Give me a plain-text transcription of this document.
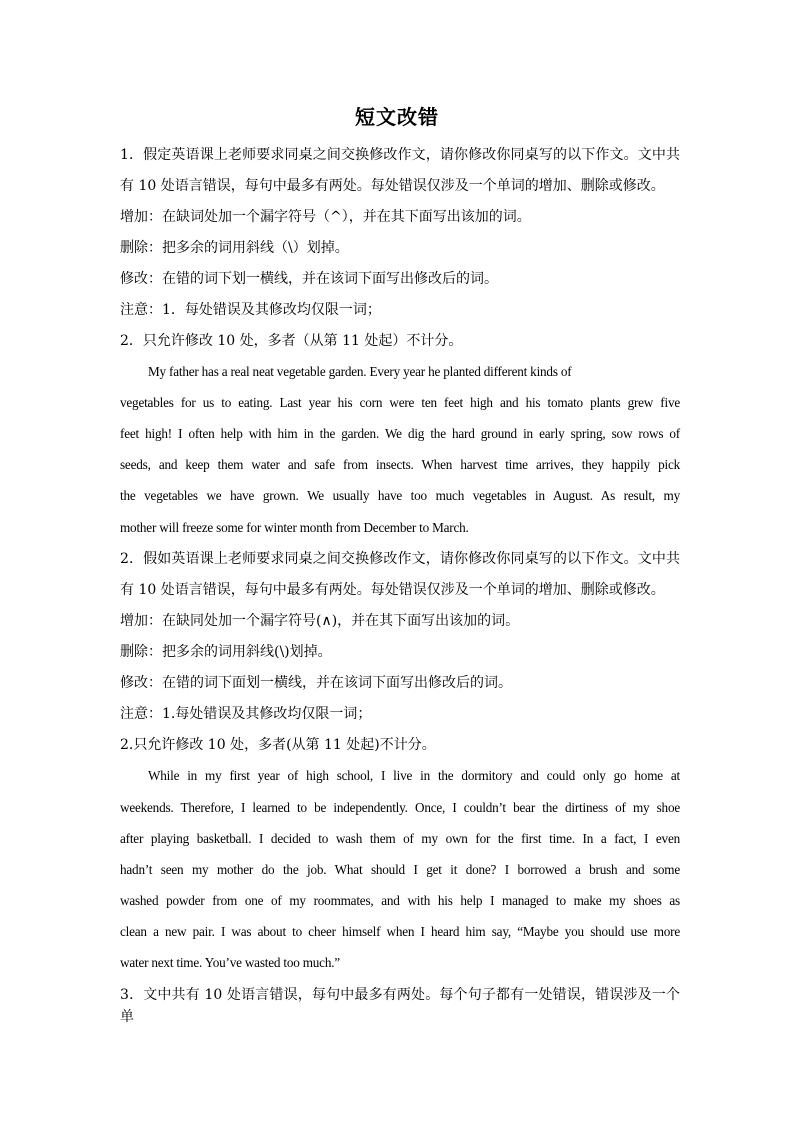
短文改错
1．假定英语课上老师要求同桌之间交换修改作文，请你修改你同桌写的以下作文。文中共
有 10 处语言错误，每句中最多有两处。每处错误仅涉及一个单词的增加、删除或修改。
增加：在缺词处加一个漏字符号（^），并在其下面写出该加的词。
删除：把多余的词用斜线（\）划掉。
修改：在错的词下划一横线，并在该词下面写出修改后的词。
注意：1．每处错误及其修改均仅限一词；
2．只允许修改 10 处，多者（从第 11 处起）不计分。
My father has a real neat vegetable garden. Every year he planted different kinds of
vegetables for us to eating. Last year his corn were ten feet high and his tomato plants grew five
feet high! I often help with him in the garden. We dig the hard ground in early spring, sow rows of
seeds, and keep them water and safe from insects. When harvest time arrives, they happily pick
the vegetables we have grown. We usually have too much vegetables in August. As result, my
mother will freeze some for winter month from December to March.
2．假如英语课上老师要求同桌之间交换修改作文，请你修改你同桌写的以下作文。文中共
有 10 处语言错误，每句中最多有两处。每处错误仅涉及一个单词的增加、删除或修改。
增加：在缺同处加一个漏字符号(∧)，并在其下面写出该加的词。
删除：把多余的词用斜线(\)划掉。
修改：在错的词下面划一横线，并在该词下面写出修改后的词。
注意：1.每处错误及其修改均仅限一词；
2.只允许修改 10 处，多者(从第 11 处起)不计分。
While in my first year of high school, I live in the dormitory and could only go home at
weekends. Therefore, I learned to be independently. Once, I couldn’t bear the dirtiness of my shoe
after playing basketball. I decided to wash them of my own for the first time. In a fact, I even
hadn’t seen my mother do the job. What should I get it done? I borrowed a brush and some
washed powder from one of my roommates, and with his help I managed to make my shoes as
clean a new pair. I was about to cheer himself when I heard him say, “Maybe you should use more
water next time. You’ve wasted too much.”
3．文中共有 10 处语言错误，每句中最多有两处。每个句子都有一处错误，错误涉及一个单
